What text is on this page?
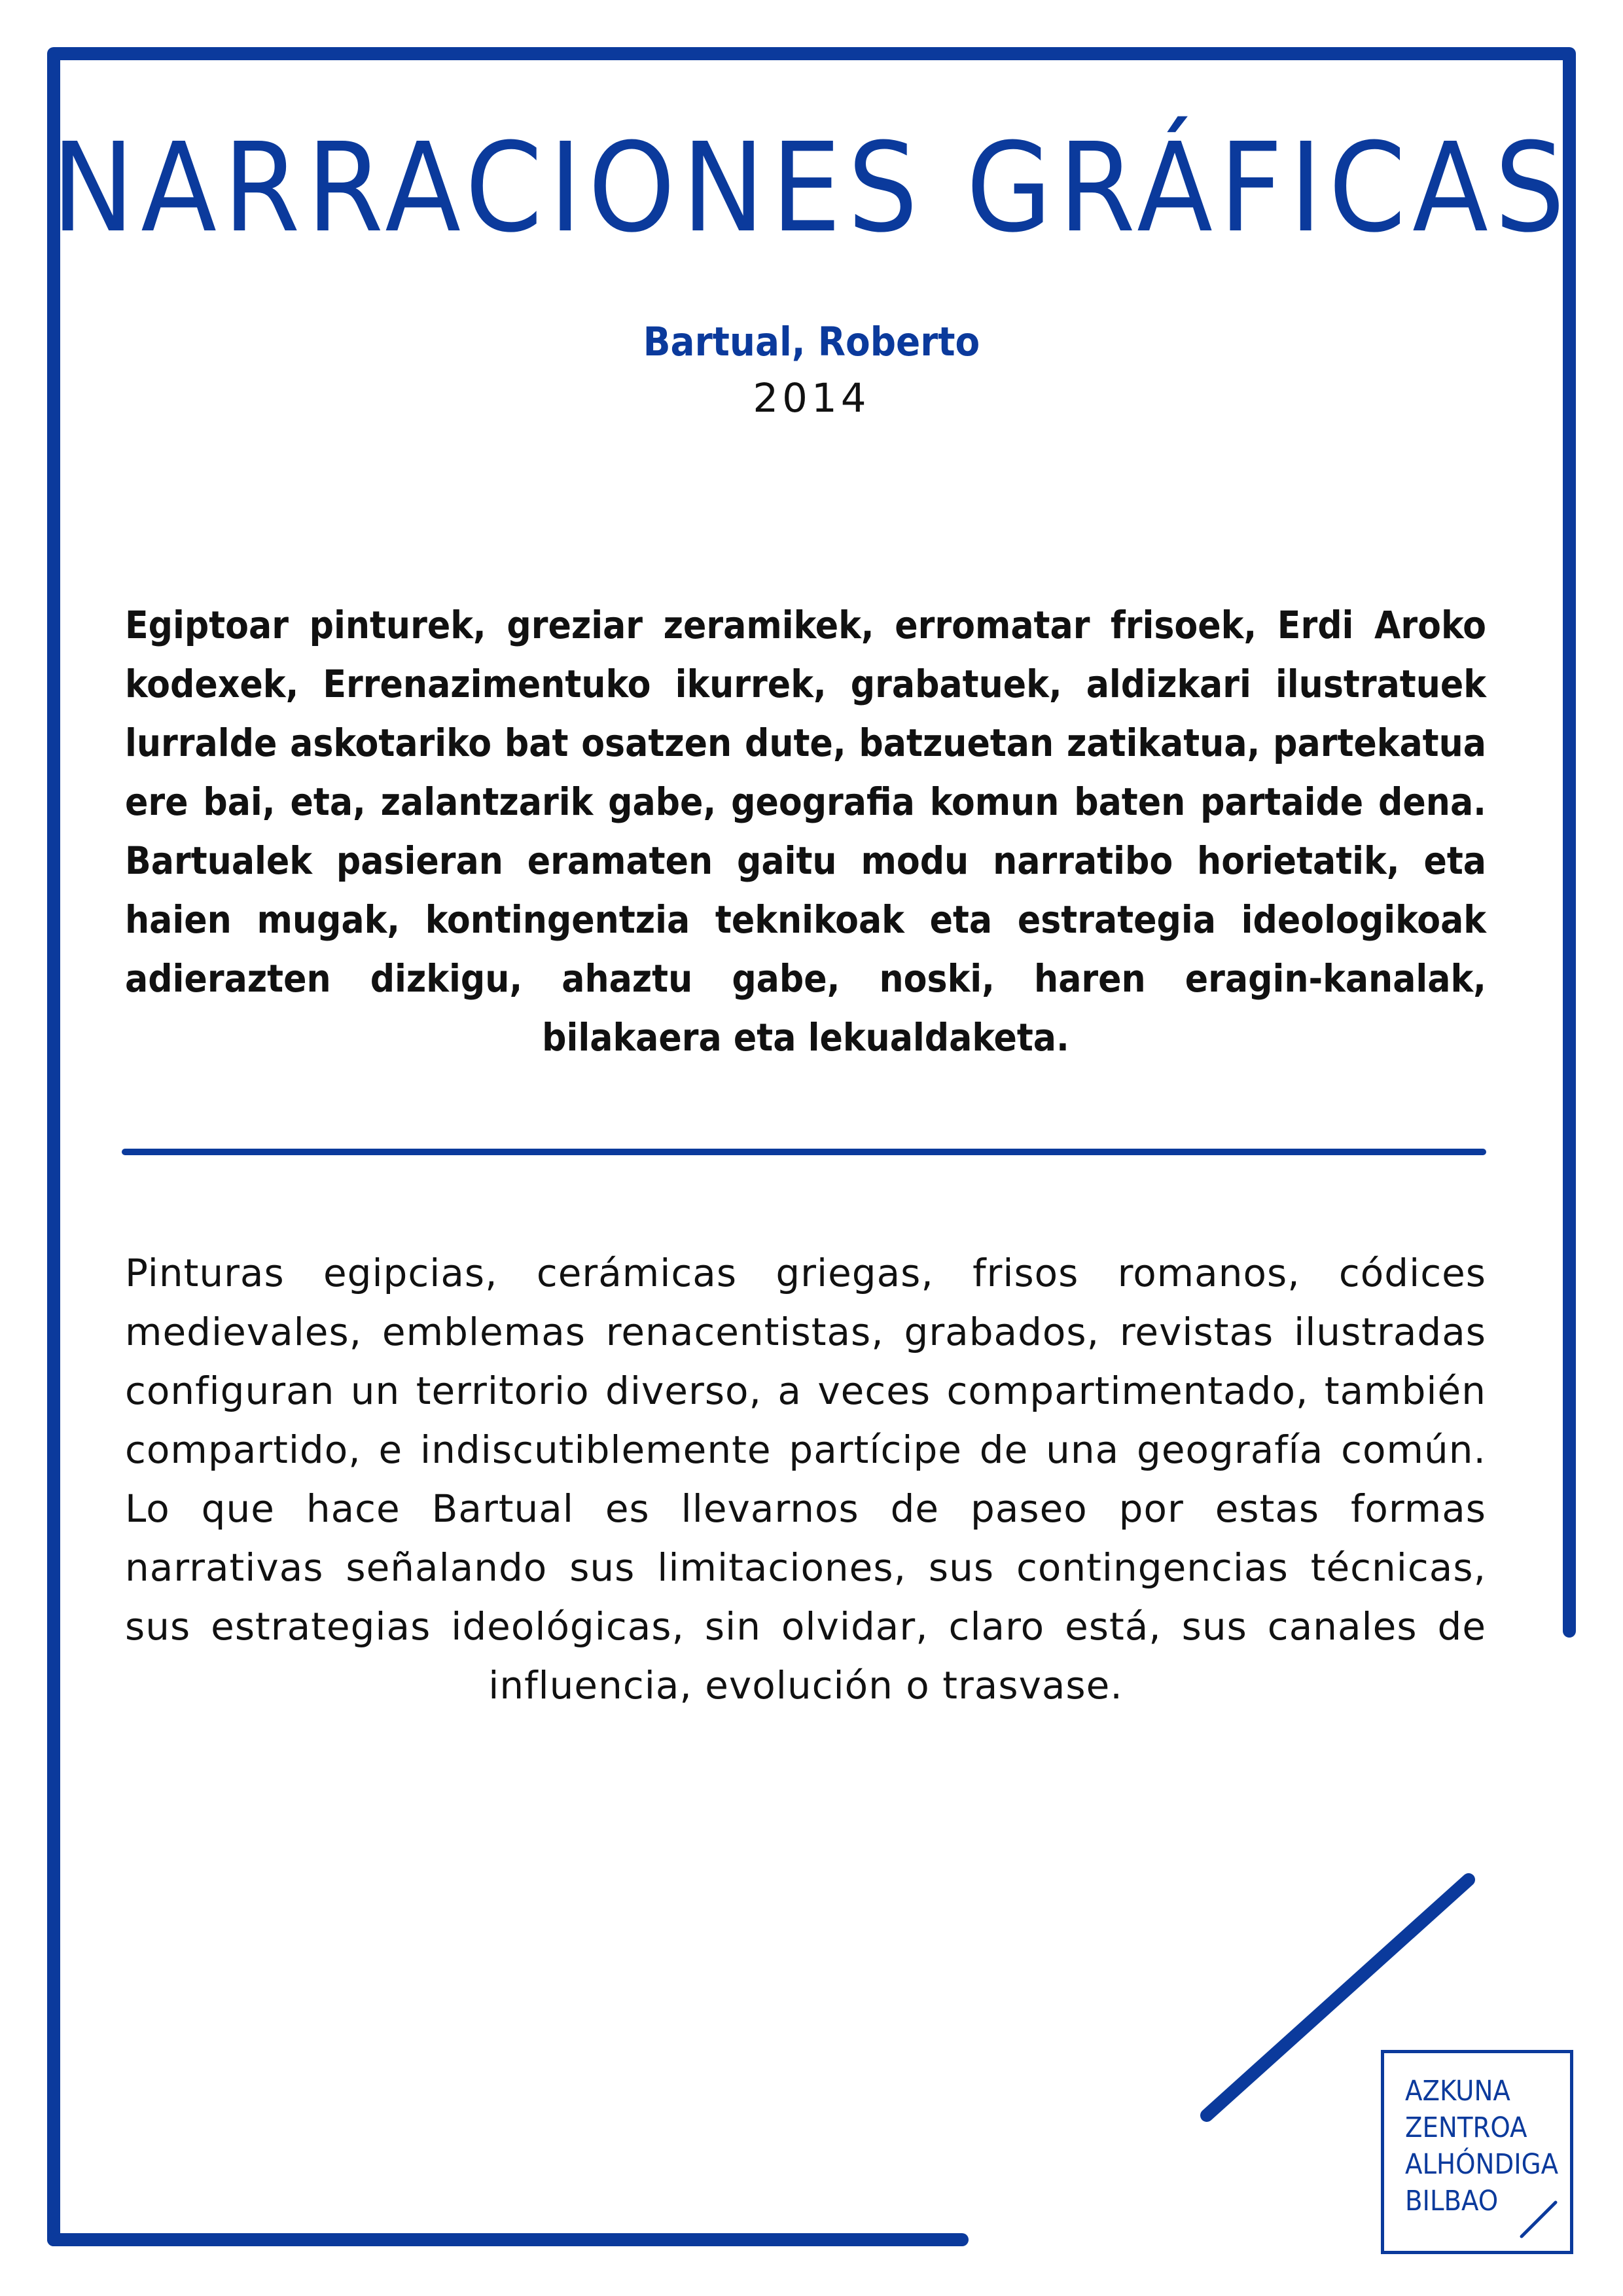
NARRACIONES GRÁFICAS
Bartual, Roberto
2014
Egiptoar pinturek, greziar zeramikek, erromatar frisoek, Erdi Aroko kodexek, Errenazimentuko ikurrek, grabatuek, aldizkari ilustratuek lurralde askotariko bat osatzen dute, batzuetan zatikatua, partekatua ere bai, eta, zalantzarik gabe, geografia komun baten partaide dena. Bartualek pasieran eramaten gaitu modu narratibo horietatik, eta haien mugak, kontingentzia teknikoak eta estrategia ideologikoak adierazten dizkigu, ahaztu gabe, noski, haren eragin-kanalak, bilakaera eta lekualdaketa.
Pinturas egipcias, cerámicas griegas, frisos romanos, códices medievales, emblemas renacentistas, grabados, revistas ilustradas configuran un territorio diverso, a veces compartimentado, también compartido, e indiscutiblemente partícipe de una geografía común. Lo que hace Bartual es llevarnos de paseo por estas formas narrativas señalando sus limitaciones, sus contingencias técnicas, sus estrategias ideológicas, sin olvidar, claro está, sus canales de influencia, evolución o trasvase.
AZKUNA
ZENTROA
ALHÓNDIGA
BILBAO
